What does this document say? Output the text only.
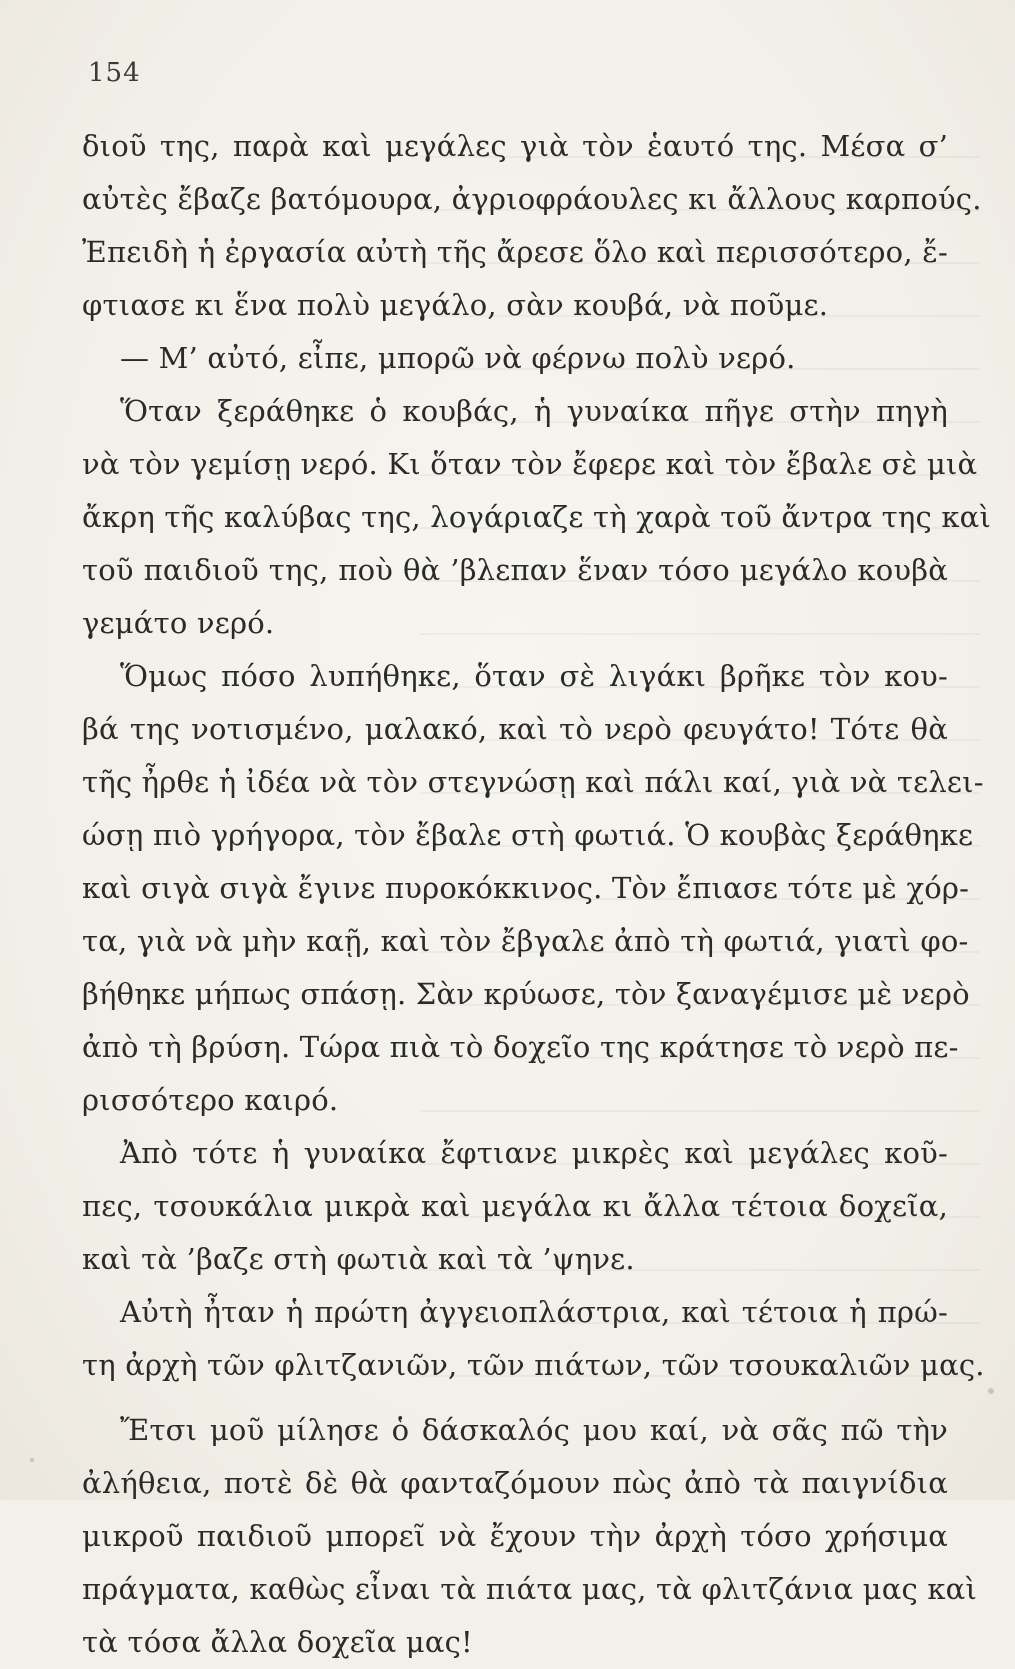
154
διοῦ της, παρὰ καὶ μεγάλες γιὰ τὸν ἑαυτό της. Μέσα σ’
αὐτὲς ἔβαζε βατόμουρα, ἀγριοφράουλες κι ἄλλους καρπούς.
Ἐπειδὴ ἡ ἐργασία αὐτὴ τῆς ἄρεσε ὅλο καὶ περισσότερο, ἔ-
φτιασε κι ἕνα πολὺ μεγάλο, σὰν κουβά, νὰ ποῦμε.
— Μ’ αὐτό, εἶπε, μπορῶ νὰ φέρνω πολὺ νερό.
Ὅταν ξεράθηκε ὁ κουβάς, ἡ γυναίκα πῆγε στὴν πηγὴ
νὰ τὸν γεμίσῃ νερό. Κι ὅταν τὸν ἔφερε καὶ τὸν ἔβαλε σὲ μιὰ
ἄκρη τῆς καλύβας της, λογάριαζε τὴ χαρὰ τοῦ ἄντρα της καὶ
τοῦ παιδιοῦ της, ποὺ θὰ ’βλεπαν ἕναν τόσο μεγάλο κουβὰ
γεμάτο νερό.
Ὅμως πόσο λυπήθηκε, ὅταν σὲ λιγάκι βρῆκε τὸν κου-
βά της νοτισμένο, μαλακό, καὶ τὸ νερὸ φευγάτο! Τότε θὰ
τῆς ἦρθε ἡ ἰδέα νὰ τὸν στεγνώσῃ καὶ πάλι καί, γιὰ νὰ τελει-
ώσῃ πιὸ γρήγορα, τὸν ἔβαλε στὴ φωτιά. Ὁ κουβὰς ξεράθηκε
καὶ σιγὰ σιγὰ ἔγινε πυροκόκκινος. Τὸν ἔπιασε τότε μὲ χόρ-
τα, γιὰ νὰ μὴν καῇ, καὶ τὸν ἔβγαλε ἀπὸ τὴ φωτιά, γιατὶ φο-
βήθηκε μήπως σπάσῃ. Σὰν κρύωσε, τὸν ξαναγέμισε μὲ νερὸ
ἀπὸ τὴ βρύση. Τώρα πιὰ τὸ δοχεῖο της κράτησε τὸ νερὸ πε-
ρισσότερο καιρό.
Ἀπὸ τότε ἡ γυναίκα ἔφτιανε μικρὲς καὶ μεγάλες κοῦ-
πες, τσουκάλια μικρὰ καὶ μεγάλα κι ἄλλα τέτοια δοχεῖα,
καὶ τὰ ’βαζε στὴ φωτιὰ καὶ τὰ ’ψηνε.
Αὐτὴ ἦταν ἡ πρώτη ἀγγειοπλάστρια, καὶ τέτοια ἡ πρώ-
τη ἀρχὴ τῶν φλιτζανιῶν, τῶν πιάτων, τῶν τσουκαλιῶν μας.
Ἔτσι μοῦ μίλησε ὁ δάσκαλός μου καί, νὰ σᾶς πῶ τὴν
ἀλήθεια, ποτὲ δὲ θὰ φανταζόμουν πὼς ἀπὸ τὰ παιγνίδια
μικροῦ παιδιοῦ μπορεῖ νὰ ἔχουν τὴν ἀρχὴ τόσο χρήσιμα
πράγματα, καθὼς εἶναι τὰ πιάτα μας, τὰ φλιτζάνια μας καὶ
τὰ τόσα ἄλλα δοχεῖα μας!
